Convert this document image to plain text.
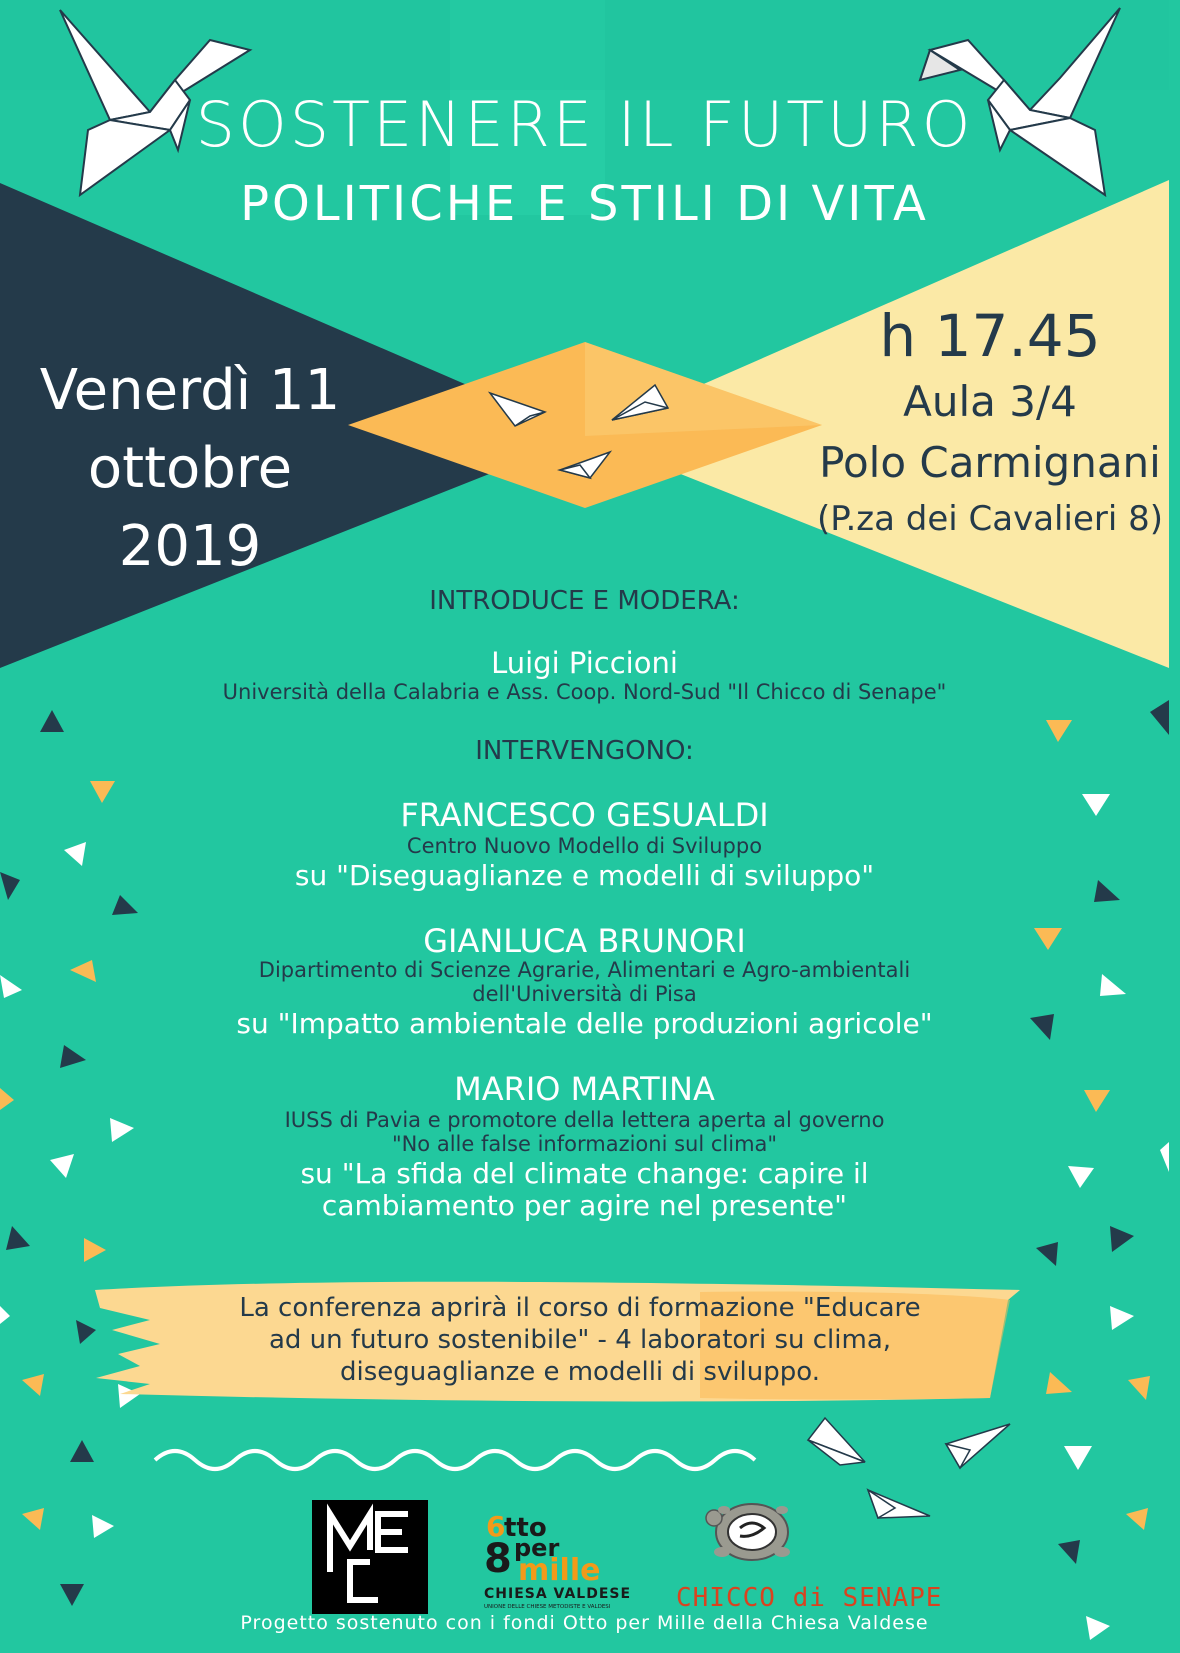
SOSTENERE IL FUTURO
POLITICHE E STILI DI VITA
Venerdì 11
ottobre 2019
h 17.45
Aula 3/4
Polo Carmignani
(P.za dei Cavalieri 8)
INTRODUCE E MODERA:
Luigi Piccioni
Università della Calabria e Ass. Coop. Nord-Sud "Il Chicco di Senape"
INTERVENGONO:
FRANCESCO GESUALDI
Centro Nuovo Modello di Sviluppo
su "Diseguaglianze e modelli di sviluppo"
GIANLUCA BRUNORI
Dipartimento di Scienze Agrarie, Alimentari e Agro-ambientali
dell'Università di Pisa
su "Impatto ambientale delle produzioni agricole"
MARIO MARTINA
IUSS di Pavia e promotore della lettera aperta al governo
"No alle false informazioni sul clima"
su "La sfida del climate change: capire il
cambiamento per agire nel presente"
La conferenza aprirà il corso di formazione "Educare
ad un futuro sostenibile" - 4 laboratori su clima,
diseguaglianze e modelli di sviluppo.
6
tto
8 per
mille
CHIESA VALDESE
UNIONE DELLE CHIESE METODISTE E VALDESI	CHICCO di SENAPE
Progetto sostenuto con i fondi Otto per Mille della Chiesa Valdese
